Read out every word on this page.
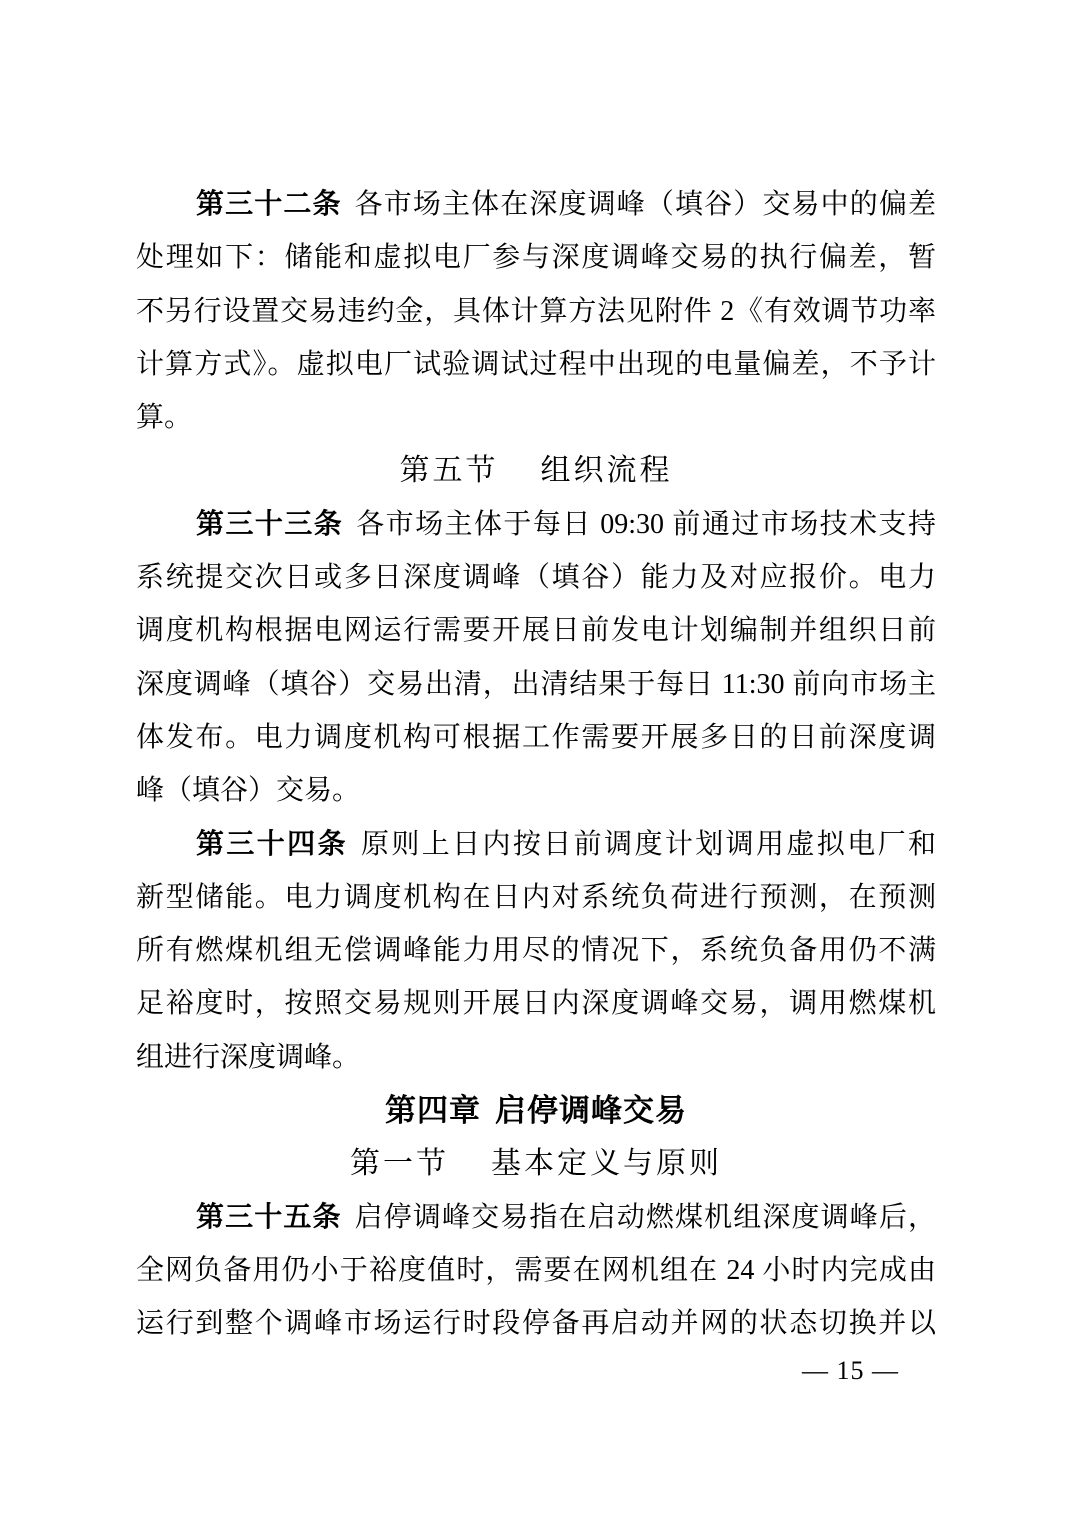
第三十二条 各市场主体在深度调峰（填谷）交易中的偏差
处理如下：储能和虚拟电厂参与深度调峰交易的执行偏差，暂
不另行设置交易违约金，具体计算方法见附件 2《有效调节功率
计算方式》。虚拟电厂试验调试过程中出现的电量偏差，不予计
算。
第五节 组织流程
第三十三条 各市场主体于每日 09:30 前通过市场技术支持
系统提交次日或多日深度调峰（填谷）能力及对应报价。电力
调度机构根据电网运行需要开展日前发电计划编制并组织日前
深度调峰（填谷）交易出清，出清结果于每日 11:30 前向市场主
体发布。电力调度机构可根据工作需要开展多日的日前深度调
峰（填谷）交易。
第三十四条 原则上日内按日前调度计划调用虚拟电厂和
新型储能。电力调度机构在日内对系统负荷进行预测，在预测
所有燃煤机组无偿调峰能力用尽的情况下，系统负备用仍不满
足裕度时，按照交易规则开展日内深度调峰交易，调用燃煤机
组进行深度调峰。
第四章 启停调峰交易
第一节 基本定义与原则
第三十五条 启停调峰交易指在启动燃煤机组深度调峰后，
全网负备用仍小于裕度值时，需要在网机组在 24 小时内完成由
运行到整个调峰市场运行时段停备再启动并网的状态切换并以
— 15 —
